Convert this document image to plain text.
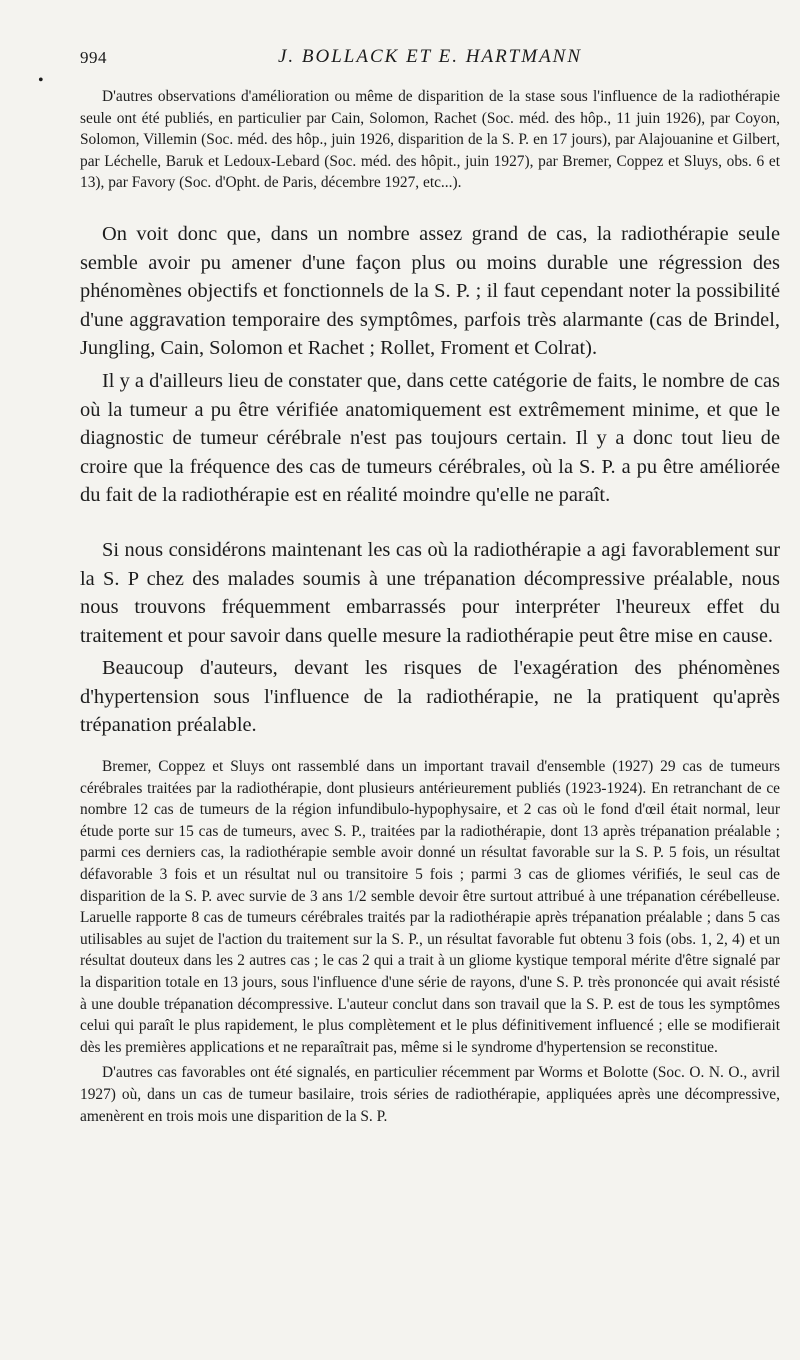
994	J. BOLLACK ET E. HARTMANN

D'autres observations d'amélioration ou même de disparition de la stase sous l'influence de la radiothérapie seule ont été publiés, en particulier par Cain, Solomon, Rachet (Soc. méd. des hôp., 11 juin 1926), par Coyon, Solomon, Villemin (Soc. méd. des hôp., juin 1926, disparition de la S. P. en 17 jours), par Alajouanine et Gilbert, par Léchelle, Baruk et Ledoux-Lebard (Soc. méd. des hôpit., juin 1927), par Bremer, Coppez et Sluys, obs. 6 et 13), par Favory (Soc. d'Opht. de Paris, décembre 1927, etc...).

On voit donc que, dans un nombre assez grand de cas, la radiothérapie seule semble avoir pu amener d'une façon plus ou moins durable une régression des phénomènes objectifs et fonctionnels de la S. P. ; il faut cependant noter la possibilité d'une aggravation temporaire des symptômes, parfois très alarmante (cas de Brindel, Jungling, Cain, Solomon et Rachet ; Rollet, Froment et Colrat).

Il y a d'ailleurs lieu de constater que, dans cette catégorie de faits, le nombre de cas où la tumeur a pu être vérifiée anatomiquement est extrêmement minime, et que le diagnostic de tumeur cérébrale n'est pas toujours certain. Il y a donc tout lieu de croire que la fréquence des cas de tumeurs cérébrales, où la S. P. a pu être améliorée du fait de la radiothérapie est en réalité moindre qu'elle ne paraît.

Si nous considérons maintenant les cas où la radiothérapie a agi favorablement sur la S. P chez des malades soumis à une trépanation décompressive préalable, nous nous trouvons fréquemment embarrassés pour interpréter l'heureux effet du traitement et pour savoir dans quelle mesure la radiothérapie peut être mise en cause.

Beaucoup d'auteurs, devant les risques de l'exagération des phénomènes d'hypertension sous l'influence de la radiothérapie, ne la pratiquent qu'après trépanation préalable.

Bremer, Coppez et Sluys ont rassemblé dans un important travail d'ensemble (1927) 29 cas de tumeurs cérébrales traitées par la radiothérapie, dont plusieurs antérieurement publiés (1923-1924). En retranchant de ce nombre 12 cas de tumeurs de la région infundibulo-hypophysaire, et 2 cas où le fond d'œil était normal, leur étude porte sur 15 cas de tumeurs, avec S. P., traitées par la radiothérapie, dont 13 après trépanation préalable ; parmi ces derniers cas, la radiothérapie semble avoir donné un résultat favorable sur la S. P. 5 fois, un résultat défavorable 3 fois et un résultat nul ou transitoire 5 fois ; parmi 3 cas de gliomes vérifiés, le seul cas de disparition de la S. P. avec survie de 3 ans 1/2 semble devoir être surtout attribué à une trépanation cérébelleuse. Laruelle rapporte 8 cas de tumeurs cérébrales traités par la radiothérapie après trépanation préalable ; dans 5 cas utilisables au sujet de l'action du traitement sur la S. P., un résultat favorable fut obtenu 3 fois (obs. 1, 2, 4) et un résultat douteux dans les 2 autres cas ; le cas 2 qui a trait à un gliome kystique temporal mérite d'être signalé par la disparition totale en 13 jours, sous l'influence d'une série de rayons, d'une S. P. très prononcée qui avait résisté à une double trépanation décompressive. L'auteur conclut dans son travail que la S. P. est de tous les symptômes celui qui paraît le plus rapidement, le plus complètement et le plus définitivement influencé ; elle se modifierait dès les premières applications et ne reparaîtrait pas, même si le syndrome d'hypertension se reconstitue.

D'autres cas favorables ont été signalés, en particulier récemment par Worms et Bolotte (Soc. O. N. O., avril 1927) où, dans un cas de tumeur basilaire, trois séries de radiothérapie, appliquées après une décompressive, amenèrent en trois mois une disparition de la S. P.

•
